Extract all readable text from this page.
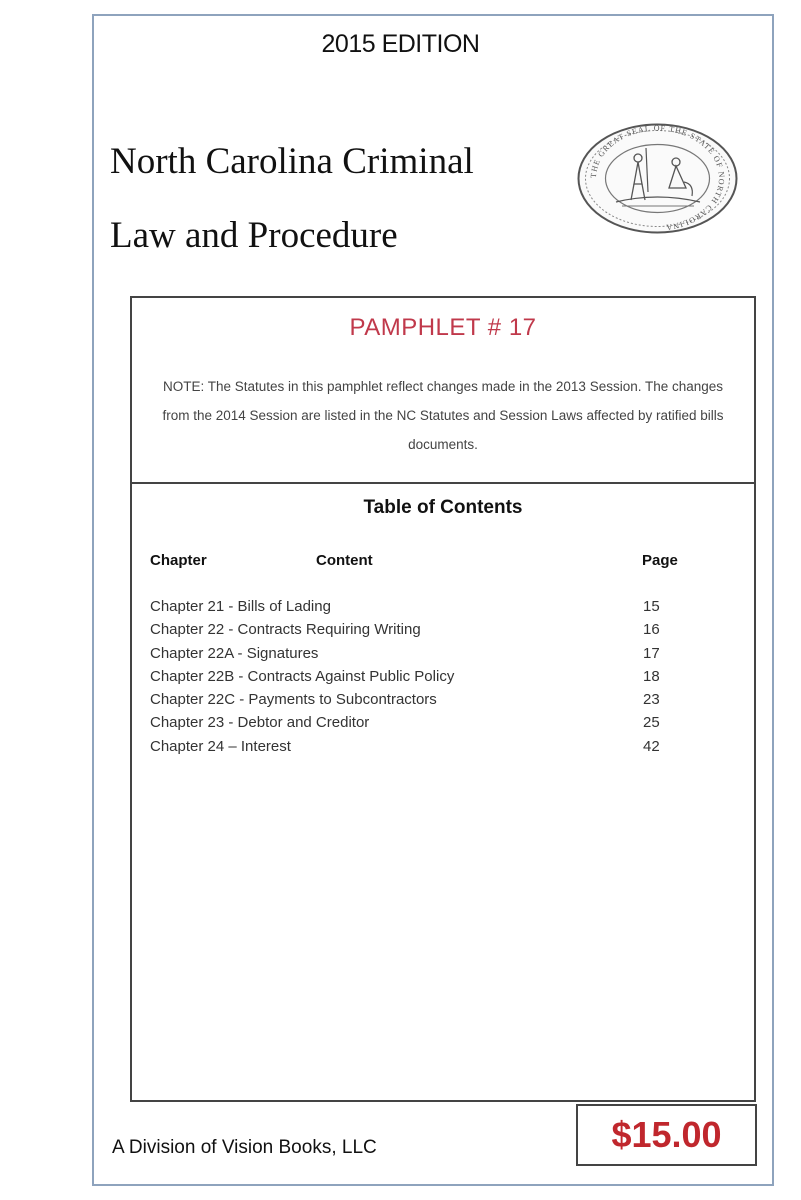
2015 EDITION
North Carolina Criminal
Law and Procedure
THE GREAT SEAL OF THE STATE OF NORTH CAROLINA
PAMPHLET # 17
NOTE: The Statutes in this pamphlet reflect changes made in the 2013 Session. The changes from the 2014 Session are listed in the NC Statutes and Session Laws affected by ratified bills documents.
Table of Contents
Chapter	Content	Page
Chapter 21 - Bills of Lading	15
Chapter 22 - Contracts Requiring Writing	16
Chapter 22A - Signatures	17
Chapter 22B - Contracts Against Public Policy	18
Chapter 22C - Payments to Subcontractors	23
Chapter 23 - Debtor and Creditor	25
Chapter 24 – Interest	42
A Division of Vision Books, LLC	$15.00
